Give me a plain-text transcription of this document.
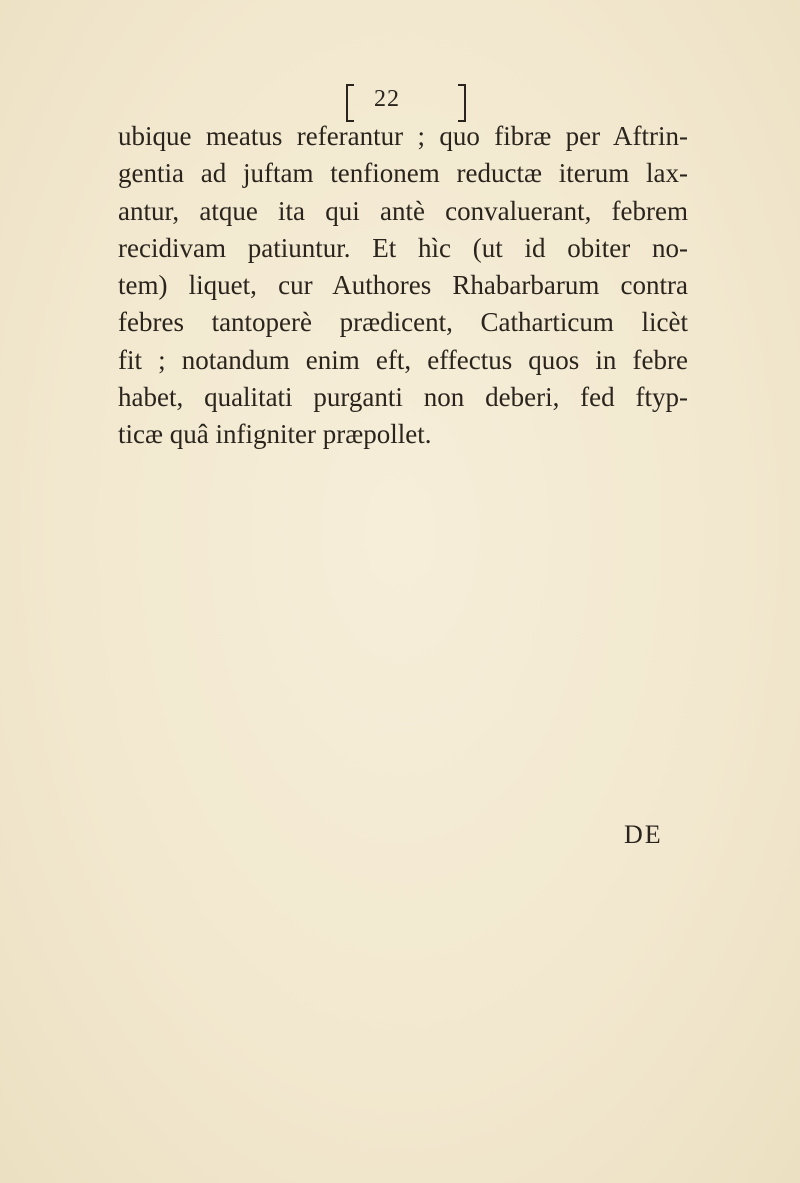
22
ubique meatus referantur ; quo fibræ per Aftrin-
gentia ad juftam tenfionem reductæ iterum lax-
antur, atque ita qui antè convaluerant, febrem
recidivam patiuntur. Et hìc (ut id obiter no-
tem) liquet, cur Authores Rhabarbarum contra
febres tantoperè prædicent, Catharticum licèt
fit ; notandum enim eft, effectus quos in febre
habet, qualitati purganti non deberi, fed ftyp-
ticæ quâ infigniter præpollet.
DE
